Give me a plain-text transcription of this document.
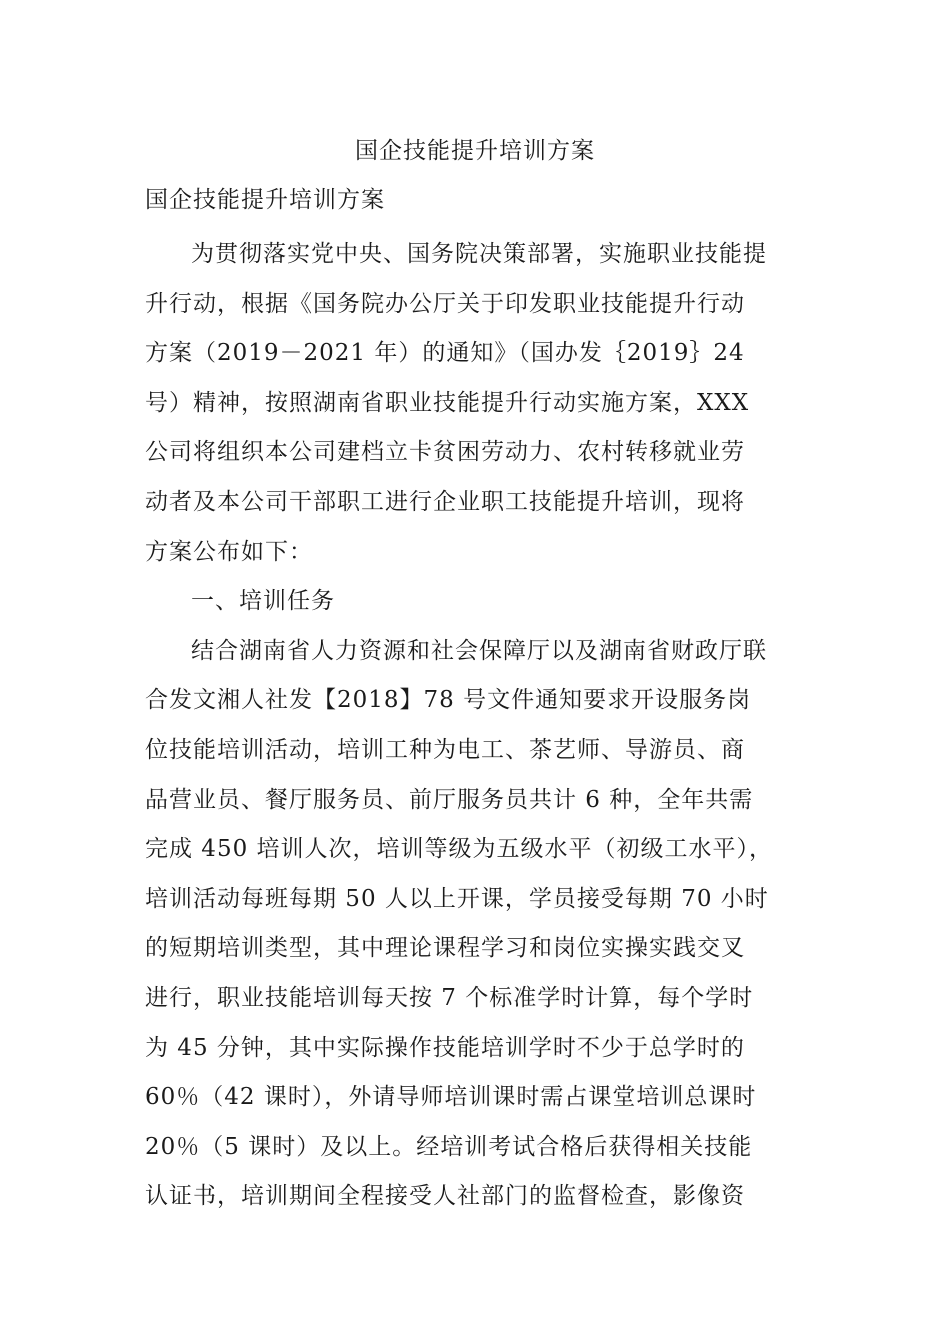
国企技能提升培训方案
国企技能提升培训方案
为贯彻落实党中央、国务院决策部署，实施职业技能提
升行动，根据《国务院办公厅关于印发职业技能提升行动
方案（2019－2021 年）的通知》（国办发｛2019｝24
号）精神，按照湖南省职业技能提升行动实施方案，XXX
公司将组织本公司建档立卡贫困劳动力、农村转移就业劳
动者及本公司干部职工进行企业职工技能提升培训，现将
方案公布如下：
一、培训任务
结合湖南省人力资源和社会保障厅以及湖南省财政厅联
合发文湘人社发【2018】78 号文件通知要求开设服务岗
位技能培训活动，培训工种为电工、茶艺师、导游员、商
品营业员、餐厅服务员、前厅服务员共计 6 种，全年共需
完成 450 培训人次，培训等级为五级水平（初级工水平），
培训活动每班每期 50 人以上开课，学员接受每期 70 小时
的短期培训类型，其中理论课程学习和岗位实操实践交叉
进行，职业技能培训每天按 7 个标准学时计算，每个学时
为 45 分钟，其中实际操作技能培训学时不少于总学时的
60％（42 课时），外请导师培训课时需占课堂培训总课时
20％（5 课时）及以上。经培训考试合格后获得相关技能
认证书，培训期间全程接受人社部门的监督检查，影像资
